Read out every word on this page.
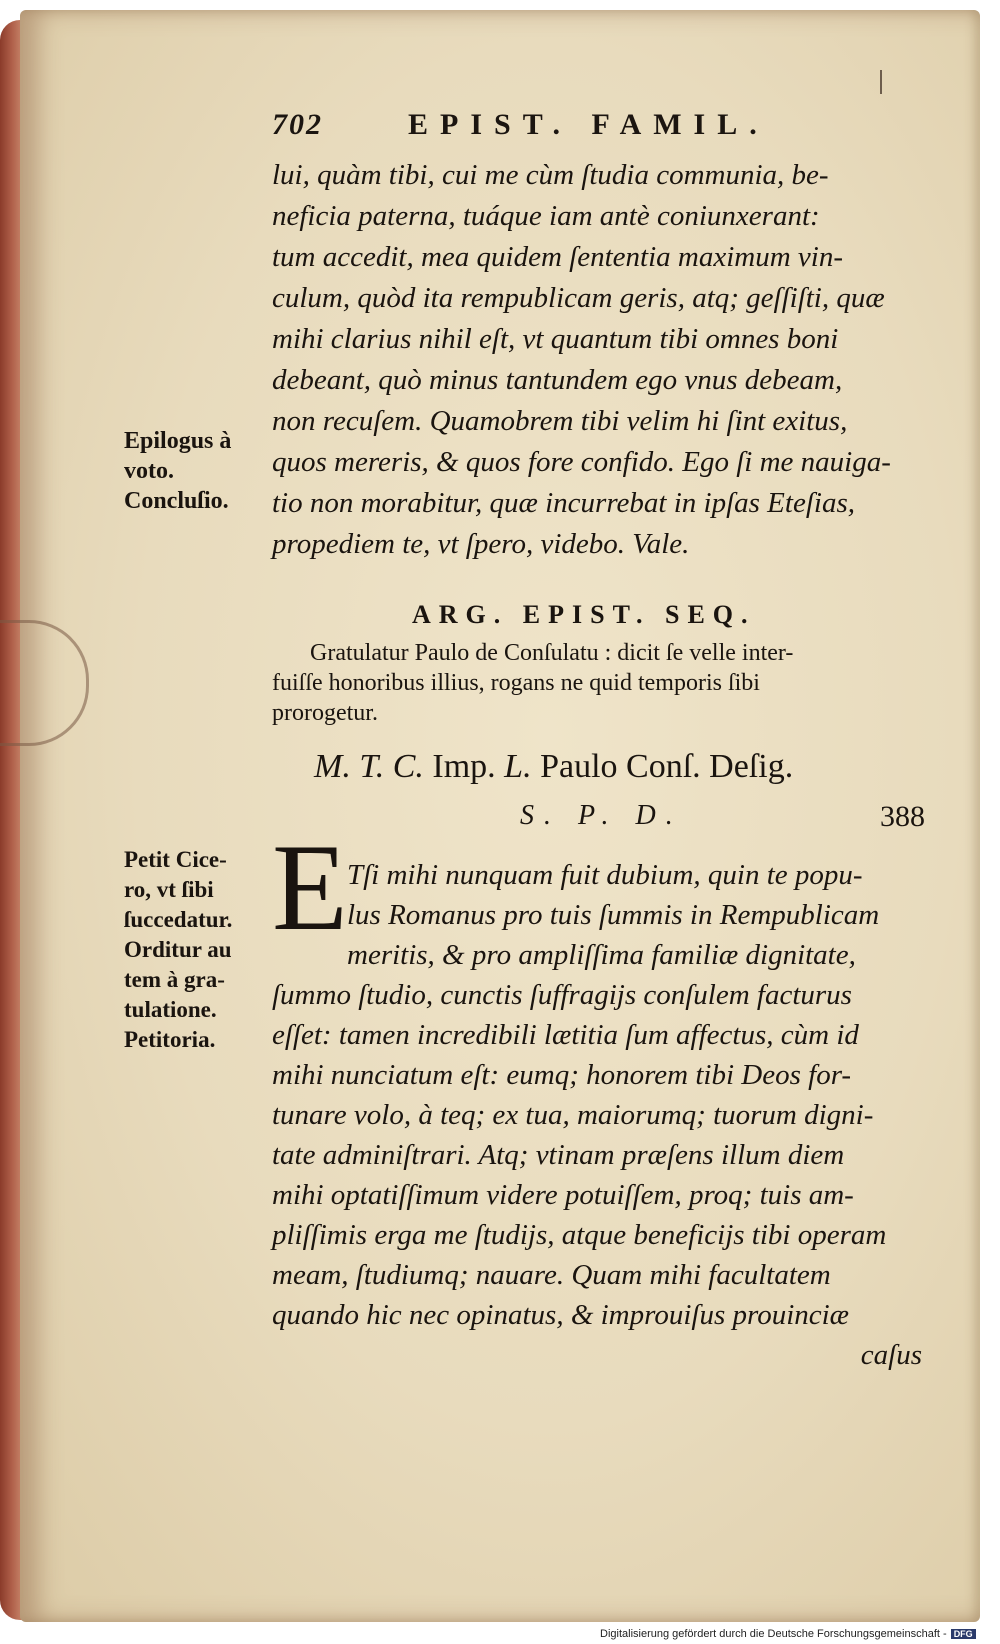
702	EPIST. FAMIL.
lui, quàm tibi, cui me cùm ſtudia communia, be-
neficia paterna, tuáque iam antè coniunxerant:
tum accedit, mea quidem ſententia maximum vin-
culum, quòd ita rempublicam geris, atq; geſſiſti, quæ
mihi clarius nihil eſt, vt quantum tibi omnes boni
debeant, quò minus tantundem ego vnus debeam,
non recuſem. Quamobrem tibi velim hi ſint exitus,
quos mereris, & quos fore confido. Ego ſi me nauiga-
tio non morabitur, quæ incurrebat in ipſas Eteſias,
propediem te, vt ſpero, videbo. Vale.
Epilogus à
voto.
Concluſio.
ARG. EPIST. SEQ.
Gratulatur Paulo de Conſulatu : dicit ſe velle inter-
fuiſſe honoribus illius, rogans ne quid temporis ſibi
prorogetur.
M. T. C. Imp. L. Paulo Conſ. Deſig.
S. P. D.	388
E Tſi mihi nunquam fuit dubium, quin te popu-
lus Romanus pro tuis ſummis in Rempublicam
meritis, & pro ampliſſima familiæ dignitate,
ſummo ſtudio, cunctis ſuffragijs conſulem facturus
eſſet: tamen incredibili lætitia ſum affectus, cùm id
mihi nunciatum eſt: eumq; honorem tibi Deos for-
tunare volo, à teq; ex tua, maiorumq; tuorum digni-
tate adminiſtrari. Atq; vtinam præſens illum diem
mihi optatiſſimum videre potuiſſem, proq; tuis am-
pliſſimis erga me ſtudijs, atque beneficijs tibi operam
meam, ſtudiumq; nauare. Quam mihi facultatem
quando hic nec opinatus, & improuiſus prouinciæ
caſus
Petit Cice-
ro, vt ſibi
ſuccedatur.
Orditur au
tem à gra-
tulatione.
Petitoria.
Digitalisierung gefördert durch die Deutsche Forschungsgemeinschaft - DFG
